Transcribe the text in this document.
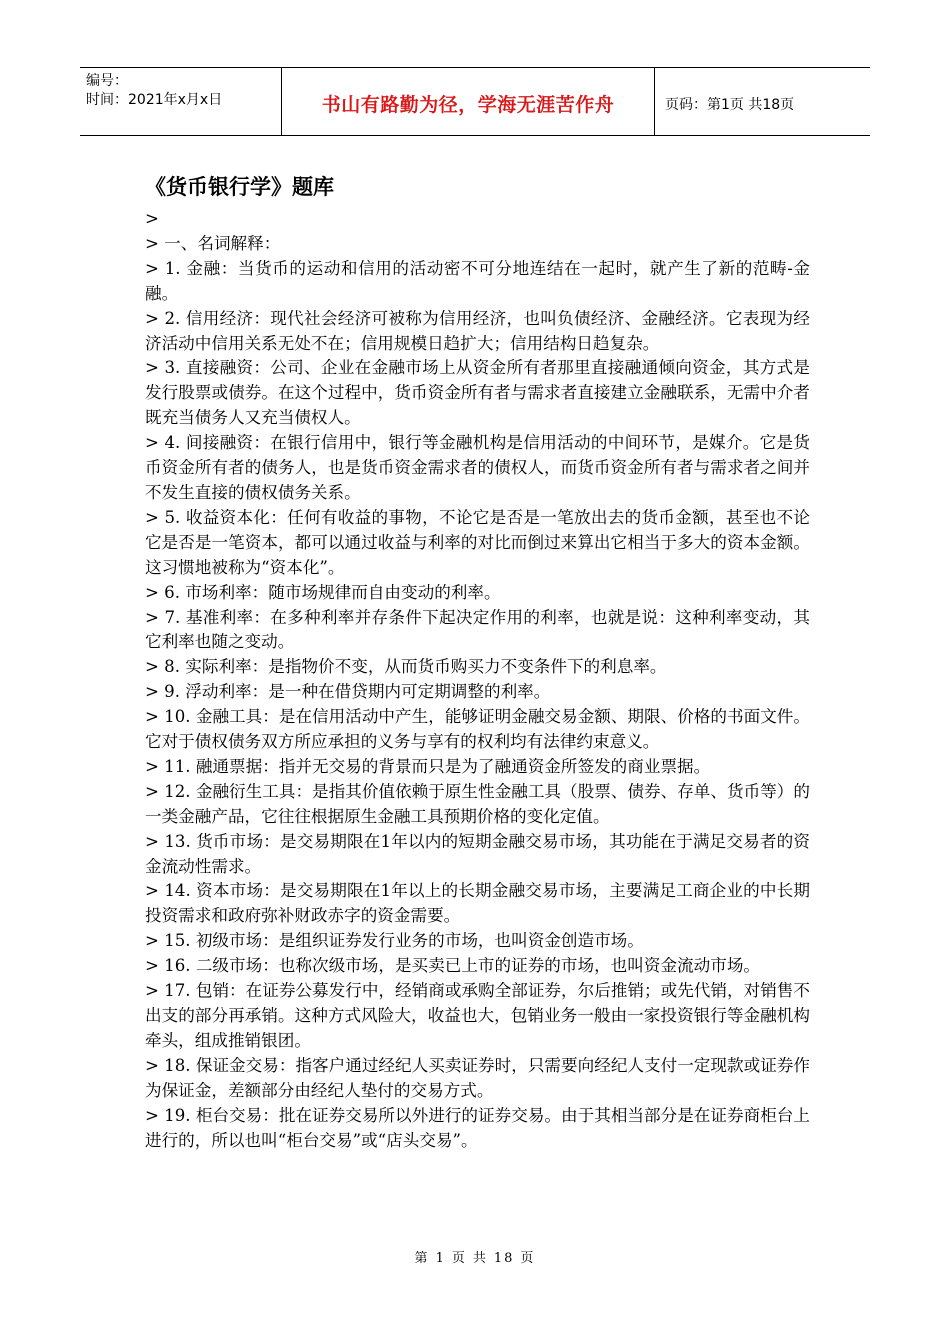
编号：
时间：2021年x月x日	书山有路勤为径，学海无涯苦作舟	页码：第1页 共18页
《货币银行学》题库

>

> 一、名词解释：

> 1. 金融：当货币的运动和信用的活动密不可分地连结在一起时，就产生了新的范畴-金融。

> 2. 信用经济：现代社会经济可被称为信用经济，也叫负债经济、金融经济。它表现为经济活动中信用关系无处不在；信用规模日趋扩大；信用结构日趋复杂。

> 3. 直接融资：公司、企业在金融市场上从资金所有者那里直接融通倾向资金，其方式是发行股票或债券。在这个过程中，货币资金所有者与需求者直接建立金融联系，无需中介者既充当债务人又充当债权人。

> 4. 间接融资：在银行信用中，银行等金融机构是信用活动的中间环节，是媒介。它是货币资金所有者的债务人，也是货币资金需求者的债权人，而货币资金所有者与需求者之间并不发生直接的债权债务关系。

> 5. 收益资本化：任何有收益的事物，不论它是否是一笔放出去的货币金额，甚至也不论它是否是一笔资本，都可以通过收益与利率的对比而倒过来算出它相当于多大的资本金额。这习惯地被称为“资本化”。

> 6. 市场利率：随市场规律而自由变动的利率。

> 7. 基准利率：在多种利率并存条件下起决定作用的利率，也就是说：这种利率变动，其它利率也随之变动。

> 8. 实际利率：是指物价不变，从而货币购买力不变条件下的利息率。

> 9. 浮动利率：是一种在借贷期内可定期调整的利率。

> 10. 金融工具：是在信用活动中产生，能够证明金融交易金额、期限、价格的书面文件。它对于债权债务双方所应承担的义务与享有的权利均有法律约束意义。

> 11. 融通票据：指并无交易的背景而只是为了融通资金所签发的商业票据。

> 12. 金融衍生工具：是指其价值依赖于原生性金融工具（股票、债券、存单、货币等）的一类金融产品，它往往根据原生金融工具预期价格的变化定值。

> 13. 货币市场：是交易期限在1年以内的短期金融交易市场，其功能在于满足交易者的资金流动性需求。

> 14. 资本市场：是交易期限在1年以上的长期金融交易市场，主要满足工商企业的中长期投资需求和政府弥补财政赤字的资金需要。

> 15. 初级市场：是组织证券发行业务的市场，也叫资金创造市场。

> 16. 二级市场：也称次级市场，是买卖已上市的证券的市场，也叫资金流动市场。

> 17. 包销：在证券公募发行中，经销商或承购全部证券，尔后推销；或先代销，对销售不出支的部分再承销。这种方式风险大，收益也大，包销业务一般由一家投资银行等金融机构牵头，组成推销银团。

> 18. 保证金交易：指客户通过经纪人买卖证券时，只需要向经纪人支付一定现款或证券作为保证金，差额部分由经纪人垫付的交易方式。

> 19. 柜台交易：批在证券交易所以外进行的证券交易。由于其相当部分是在证券商柜台上进行的，所以也叫“柜台交易”或“店头交易”。

第 1 页 共 18 页
